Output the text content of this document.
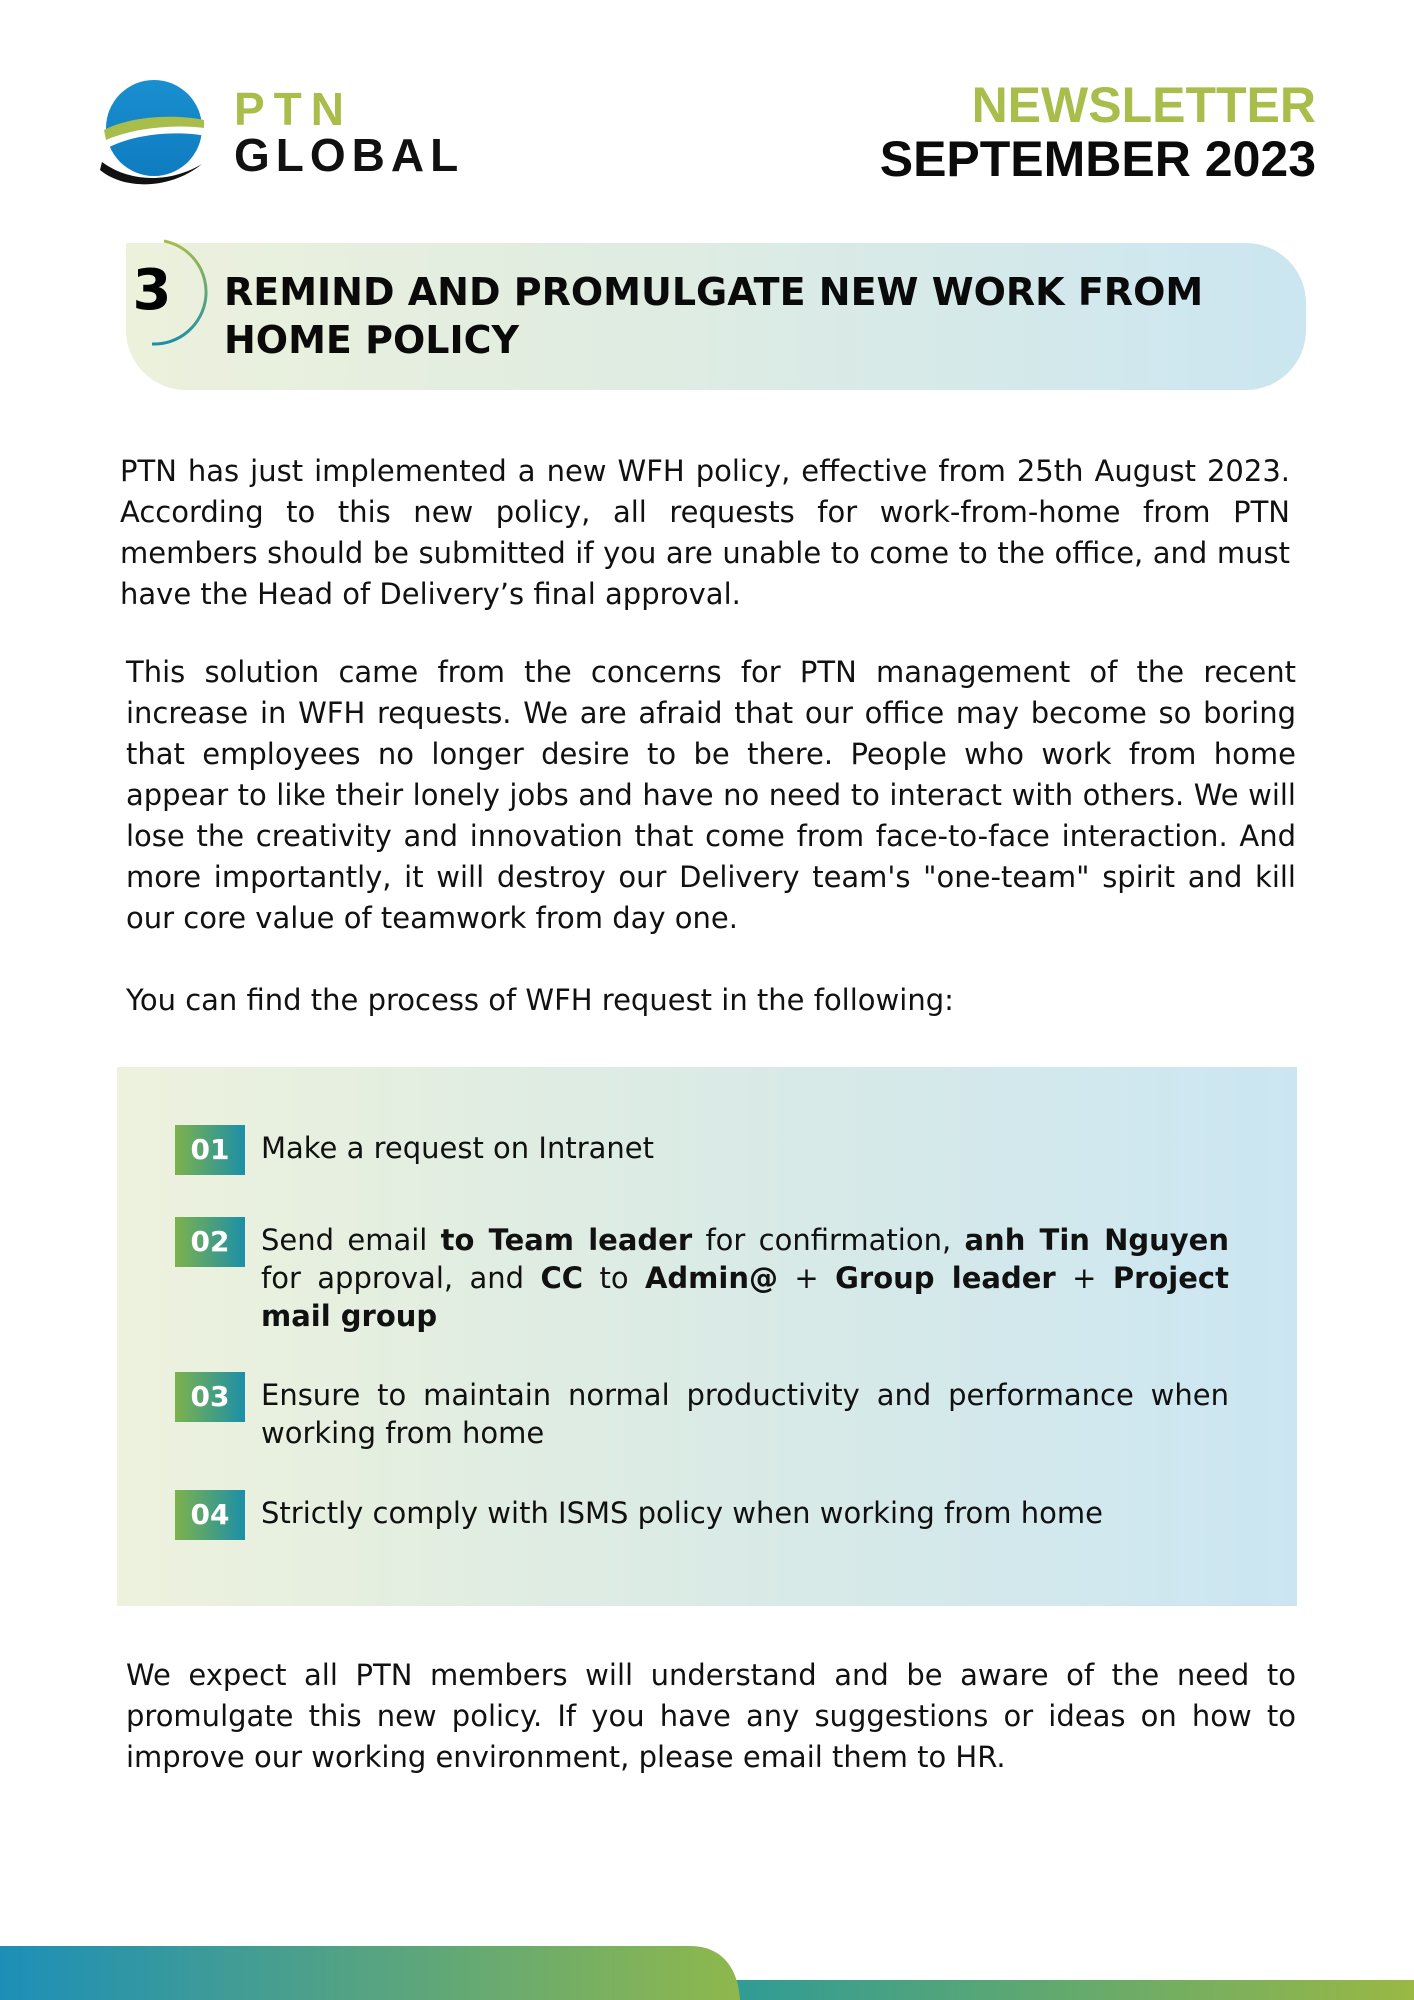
PTN
GLOBAL
NEWSLETTER
SEPTEMBER 2023
3 REMIND AND PROMULGATE NEW WORK FROM HOME POLICY

PTN has just implemented a new WFH policy, effective from 25th August 2023. According to this new policy, all requests for work-from-home from PTN members should be submitted if you are unable to come to the office, and must have the Head of Delivery’s final approval.

This solution came from the concerns for PTN management of the recent increase in WFH requests. We are afraid that our office may become so boring that employees no longer desire to be there. People who work from home appear to like their lonely jobs and have no need to interact with others. We will lose the creativity and innovation that come from face-to-face interaction. And more importantly, it will destroy our Delivery team's "one-team" spirit and kill our core value of teamwork from day one.

You can find the process of WFH request in the following:

01	Make a request on Intranet

02	Send email to Team leader for confirmation, anh Tin Nguyen for approval, and CC to Admin@ + Group leader + Project mail group

03	Ensure to maintain normal productivity and performance when working from home

04	Strictly comply with ISMS policy when working from home

We expect all PTN members will understand and be aware of the need to promulgate this new policy. If you have any suggestions or ideas on how to improve our working environment, please email them to HR.
